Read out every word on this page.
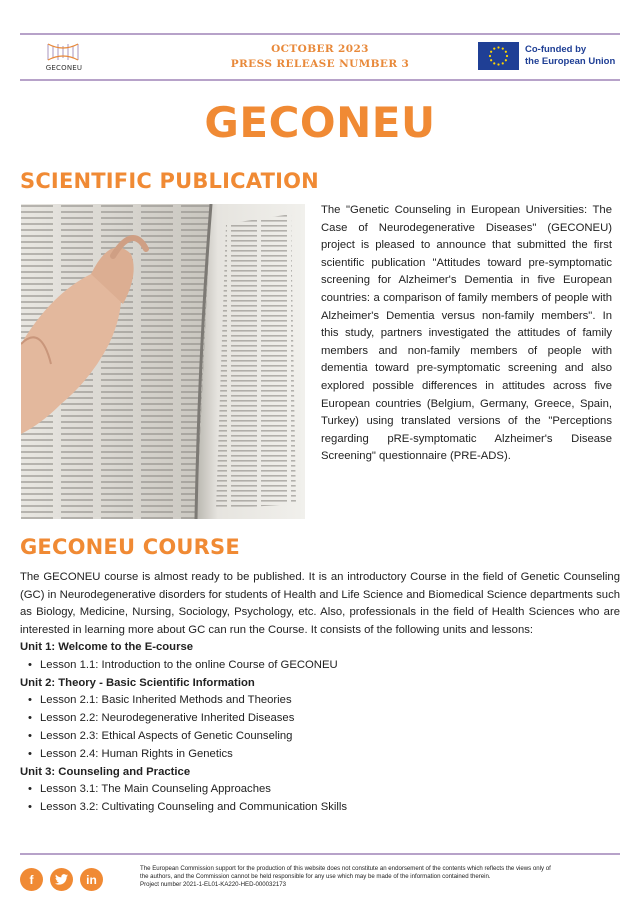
GECONEU
OCTOBER 2023
PRESS RELEASE NUMBER 3
Co-funded by
the European Union
GECONEU
SCIENTIFIC PUBLICATION
The "Genetic Counseling in European Universities: The Case of Neurodegenerative Diseases" (GECONEU) project is pleased to announce that submitted the first scientific publication "Attitudes toward pre-symptomatic screening for Alzheimer's Dementia in five European countries: a comparison of family members of people with Alzheimer's Dementia versus non-family members". In this study, partners investigated the attitudes of family members and non-family members of people with dementia toward pre-symptomatic screening and also explored possible differences in attitudes across five European countries (Belgium, Germany, Greece, Spain, Turkey) using translated versions of the "Perceptions regarding pRE-symptomatic Alzheimer's Disease Screening" questionnaire (PRE-ADS).
GECONEU COURSE

The GECONEU course is almost ready to be published. It is an introductory Course in the field of Genetic Counseling (GC) in Neurodegenerative disorders for students of Health and Life Science and Biomedical Science departments such as Biology, Medicine, Nursing, Sociology, Psychology, etc. Also, professionals in the field of Health Sciences who are interested in learning more about GC can run the Course. It consists of the following units and lessons:

Unit 1: Welcome to the E-course
• Lesson 1.1: Introduction to the online Course of GECONEU
Unit 2: Theory - Basic Scientific Information
• Lesson 2.1: Basic Inherited Methods and Theories
• Lesson 2.2: Neurodegenerative Inherited Diseases
• Lesson 2.3: Ethical Aspects of Genetic Counseling
• Lesson 2.4: Human Rights in Genetics
Unit 3: Counseling and Practice
• Lesson 3.1: The Main Counseling Approaches
• Lesson 3.2: Cultivating Counseling and Communication Skills
f	in
The European Commission support for the production of this website does not constitute an endorsement of the contents which reflects the views only of
the authors, and the Commission cannot be held responsible for any use which may be made of the information contained therein.
Project number 2021-1-EL01-KA220-HED-000032173
